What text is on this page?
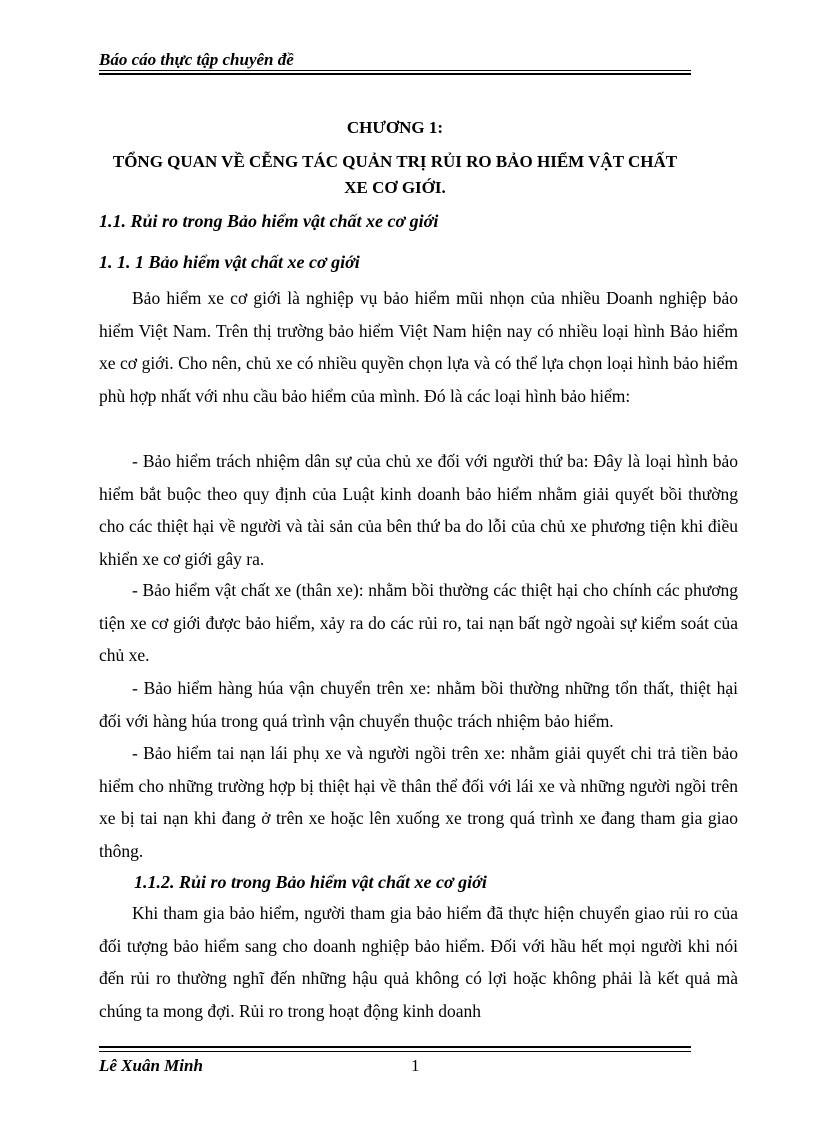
Báo cáo thực tập chuyên đề
CHƯƠNG 1:
TỔNG QUAN VỀ CỄNG TÁC QUẢN TRỊ RỦI RO BẢO HIỂM VẬT CHẤT XE CƠ GIỚI.
1.1. Rủi ro trong Bảo hiểm vật chất xe cơ giới
1. 1. 1 Bảo hiểm vật chất xe cơ giới
Bảo hiểm xe cơ giới là nghiệp vụ bảo hiểm mũi nhọn của nhiều Doanh nghiệp bảo hiểm Việt Nam. Trên thị trường bảo hiểm Việt Nam hiện nay có nhiều loại hình Bảo hiểm xe cơ giới. Cho nên, chủ xe có nhiều quyền chọn lựa và có thể lựa chọn loại hình bảo hiểm phù hợp nhất với nhu cầu bảo hiểm của mình. Đó là các loại hình bảo hiểm:
- Bảo hiểm trách nhiệm dân sự của chủ xe đối với người thứ ba: Đây là loại hình bảo hiểm bắt buộc theo quy định của Luật kinh doanh bảo hiểm nhằm giải quyết bồi thường cho các thiệt hại về người và tài sản của bên thứ ba do lỗi của chủ xe phương tiện khi điều khiển xe cơ giới gây ra.
- Bảo hiểm vật chất xe (thân xe): nhằm bồi thường các thiệt hại cho chính các phương tiện xe cơ giới được bảo hiểm, xảy ra do các rủi ro, tai nạn bất ngờ ngoài sự kiểm soát của chủ xe.
- Bảo hiểm hàng húa vận chuyển trên xe: nhằm bồi thường những tổn thất, thiệt hại đối với hàng húa trong quá trình vận chuyển thuộc trách nhiệm bảo hiểm.
- Bảo hiểm tai nạn lái phụ xe và người ngồi trên xe: nhằm giải quyết chi trả tiền bảo hiểm cho những trường hợp bị thiệt hại về thân thể đối với lái xe và những người ngồi trên xe bị tai nạn khi đang ở trên xe hoặc lên xuống xe trong quá trình xe đang tham gia giao thông.
1.1.2. Rủi ro trong Bảo hiểm vật chất xe cơ giới
Khi tham gia bảo hiểm, người tham gia bảo hiểm đã thực hiện chuyển giao rủi ro của đối tượng bảo hiểm sang cho doanh nghiệp bảo hiểm. Đối với hầu hết mọi người khi nói đến rủi ro thường nghĩ đến những hậu quả không có lợi hoặc không phải là kết quả mà chúng ta mong đợi. Rủi ro trong hoạt động kinh doanh
Lê Xuân Minh	1
